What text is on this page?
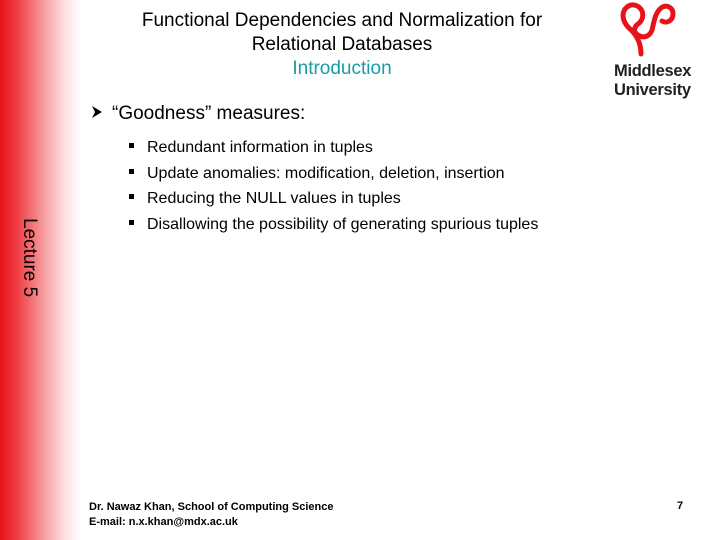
Functional Dependencies and Normalization for
Relational Databases
Introduction	Middlesex
University
Lecture 5
“Goodness” measures:
Redundant information in tuples
Update anomalies: modification, deletion, insertion
Reducing the NULL values in tuples
Disallowing the possibility of generating spurious tuples
Dr. Nawaz Khan, School of Computing Science
E-mail: n.x.khan@mdx.ac.uk
7
